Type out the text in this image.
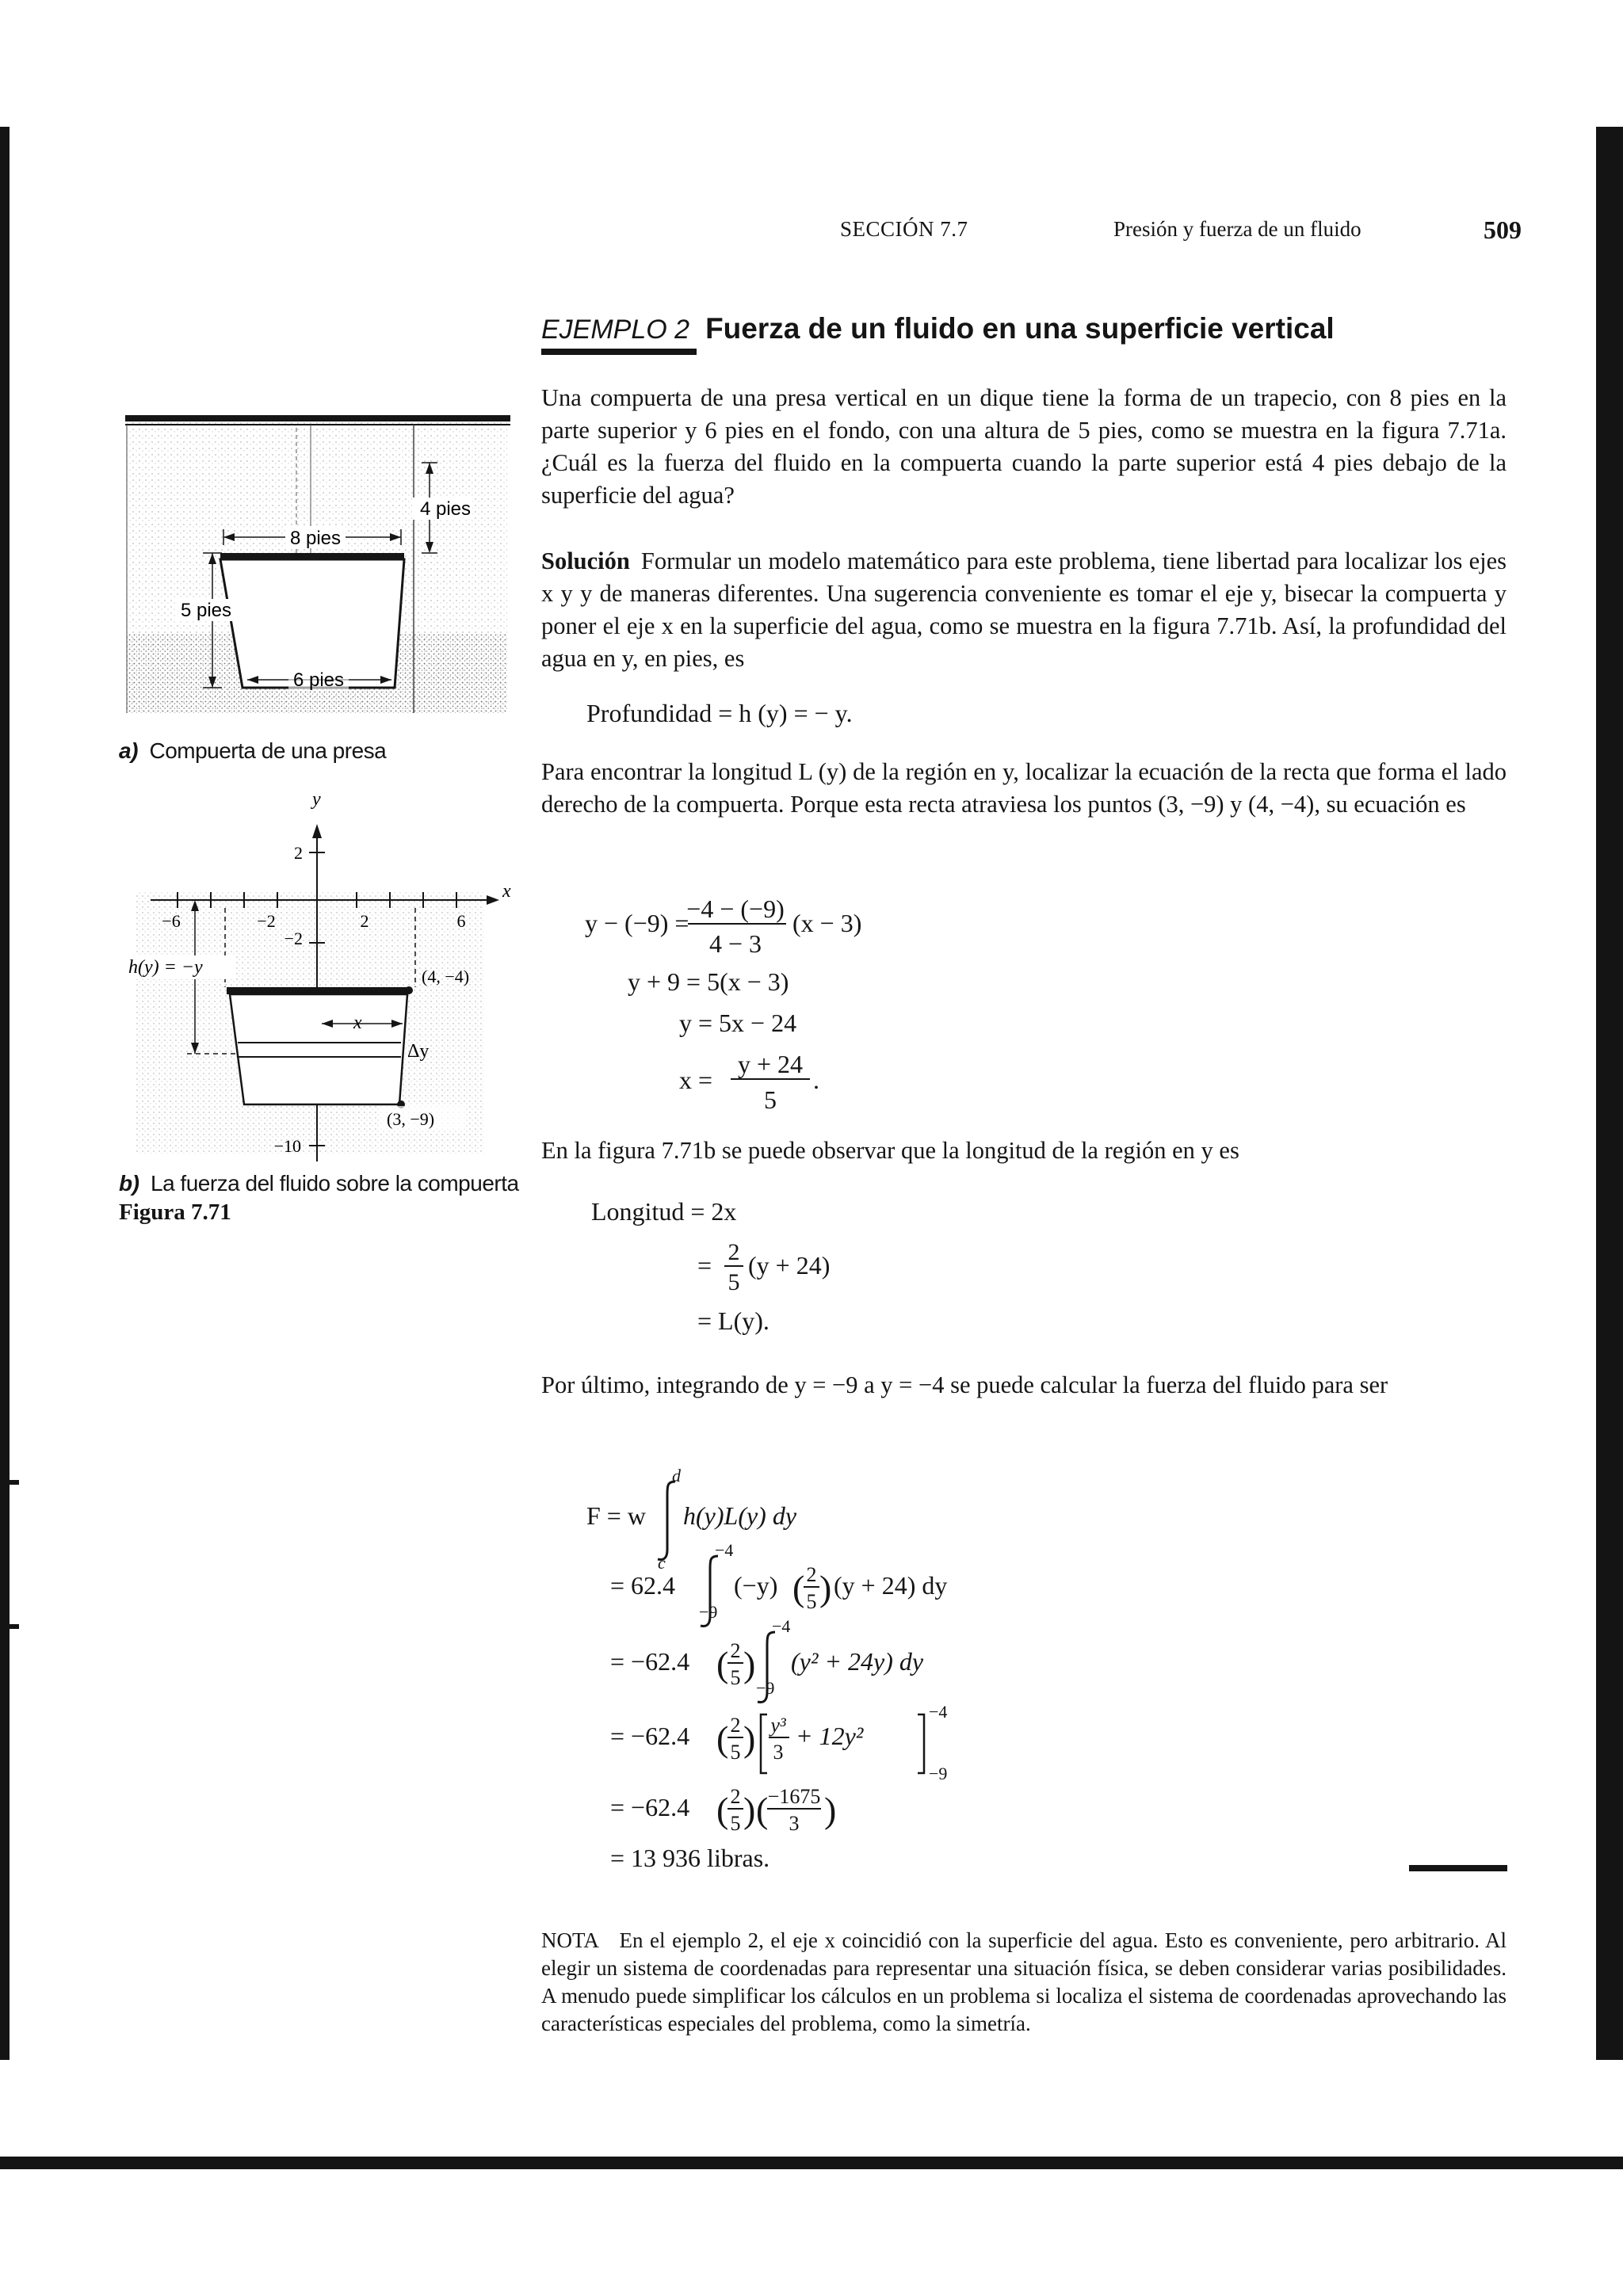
SECCIÓN 7.7	Presión y fuerza de un fluido	509
EJEMPLO 2 Fuerza de un fluido en una superficie vertical

Una compuerta de una presa vertical en un dique tiene la forma de un trapecio, con 8 pies en la parte superior y 6 pies en el fondo, con una altura de 5 pies, como se muestra en la figura 7.71a. ¿Cuál es la fuerza del fluido en la compuerta cuando la parte superior está 4 pies debajo de la superficie del agua?

Solución Formular un modelo matemático para este problema, tiene libertad para localizar los ejes x y y de maneras diferentes. Una sugerencia conveniente es tomar el eje y, bisecar la compuerta y poner el eje x en la superficie del agua, como se muestra en la figura 7.71b. Así, la profundidad del agua en y, en pies, es

Profundidad = h (y) = − y.

Para encontrar la longitud L (y) de la región en y, localizar la ecuación de la recta que forma el lado derecho de la compuerta. Porque esta recta atraviesa los puntos (3, −9) y (4, −4), su ecuación es

y − (−9) =
−4 − (−9)
4 − 3
(x − 3)
y + 9 = 5(x − 3)
y = 5x − 24
x =
y + 24
5
.

En la figura 7.71b se puede observar que la longitud de la región en y es

Longitud = 2x
= 2
5
(y + 24)
= L(y).

Por último, integrando de y = −9 a y = −4 se puede calcular la fuerza del fluido para ser

F = w
d
c
h(y)L(y) dy
= 62.4
−4
−9
(−y) ( 2
5 ) (y + 24) dy
= −62.4 ( 2
5 )
−4
−9
(y² + 24y) dy
= −62.4 ( 2
5 ) y³
3
+ 12y²
−4
−9
= −62.4 ( 2
5 ) ( −1675
3 )
= 13 936 libras.

NOTA En el ejemplo 2, el eje x coincidió con la superficie del agua. Esto es conveniente, pero arbitrario. Al elegir un sistema de coordenadas para representar una situación física, se deben considerar varias posibilidades. A menudo puede simplificar los cálculos en un problema si localiza el sistema de coordenadas aprovechando las características especiales del problema, como la simetría.

8 pies
6 pies
5 pies
4 pies
a) Compuerta de una presa
x
y
−6	−2	2	6
2
−2
−10
h(y) = −y
x
Δy
(4, −4)
(3, −9)
b) La fuerza del fluido sobre la compuerta
Figura 7.71
